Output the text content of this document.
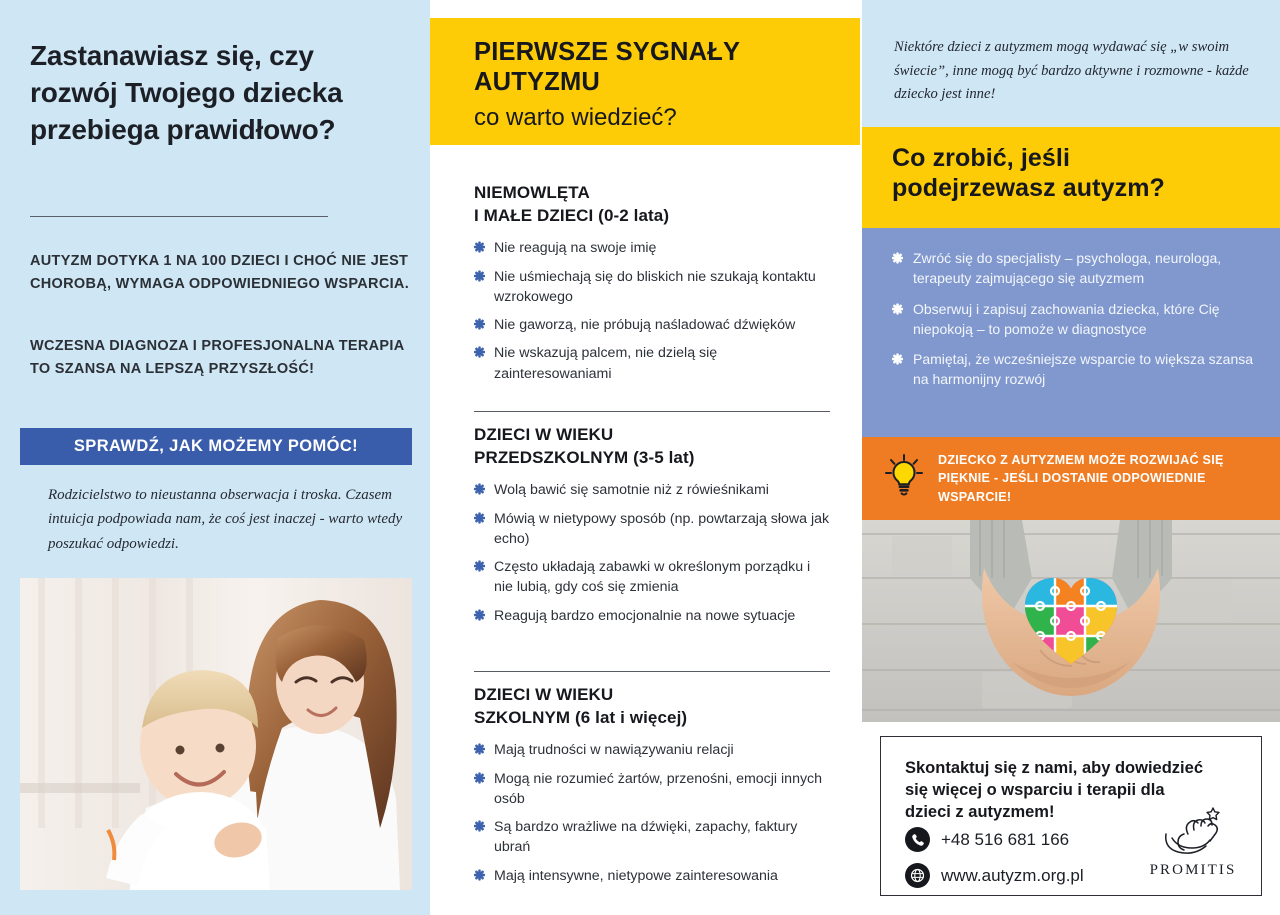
Zastanawiasz się, czy rozwój Twojego dziecka przebiega prawidłowo?
AUTYZM DOTYKA 1 NA 100 DZIECI I CHOĆ NIE JEST CHOROBĄ, WYMAGA ODPOWIEDNIEGO WSPARCIA.
WCZESNA DIAGNOZA I PROFESJONALNA TERAPIA TO SZANSA NA LEPSZĄ PRZYSZŁOŚĆ!
SPRAWDŹ, JAK MOŻEMY POMÓC!
Rodzicielstwo to nieustanna obserwacja i troska. Czasem intuicja podpowiada nam, że coś jest inaczej - warto wtedy poszukać odpowiedzi.
PIERWSZE SYGNAŁY
AUTYZMU
co warto wiedzieć?
NIEMOWLĘTA
I MAŁE DZIECI (0-2 lata)
Nie reagują na swoje imię
Nie uśmiechają się do bliskich nie szukają kontaktu wzrokowego
Nie gaworzą, nie próbują naśladować dźwięków
Nie wskazują palcem, nie dzielą się zainteresowaniami
DZIECI W WIEKU
PRZEDSZKOLNYM (3-5 lat)
Wolą bawić się samotnie niż z rówieśnikami
Mówią w nietypowy sposób (np. powtarzają słowa jak echo)
Często układają zabawki w określonym porządku i nie lubią, gdy coś się zmienia
Reagują bardzo emocjonalnie na nowe sytuacje
DZIECI W WIEKU
SZKOLNYM (6 lat i więcej)
Mają trudności w nawiązywaniu relacji
Mogą nie rozumieć żartów, przenośni, emocji innych osób
Są bardzo wrażliwe na dźwięki, zapachy, faktury ubrań
Mają intensywne, nietypowe zainteresowania
Niektóre dzieci z autyzmem mogą wydawać się „w swoim świecie”, inne mogą być bardzo aktywne i rozmowne - każde dziecko jest inne!
Co zrobić, jeśli
podejrzewasz autyzm?
Zwróć się do specjalisty – psychologa, neurologa, terapeuty zajmującego się autyzmem
Obserwuj i zapisuj zachowania dziecka, które Cię niepokoją – to pomoże w diagnostyce
Pamiętaj, że wcześniejsze wsparcie to większa szansa na harmonijny rozwój
DZIECKO Z AUTYZMEM MOŻE ROZWIJAĆ SIĘ PIĘKNIE - JEŚLI DOSTANIE ODPOWIEDNIE WSPARCIE!
Skontaktuj się z nami, aby dowiedzieć się więcej o wsparciu i terapii dla dzieci z autyzmem!
+48 516 681 166
www.autyzm.org.pl	PROMITIS
